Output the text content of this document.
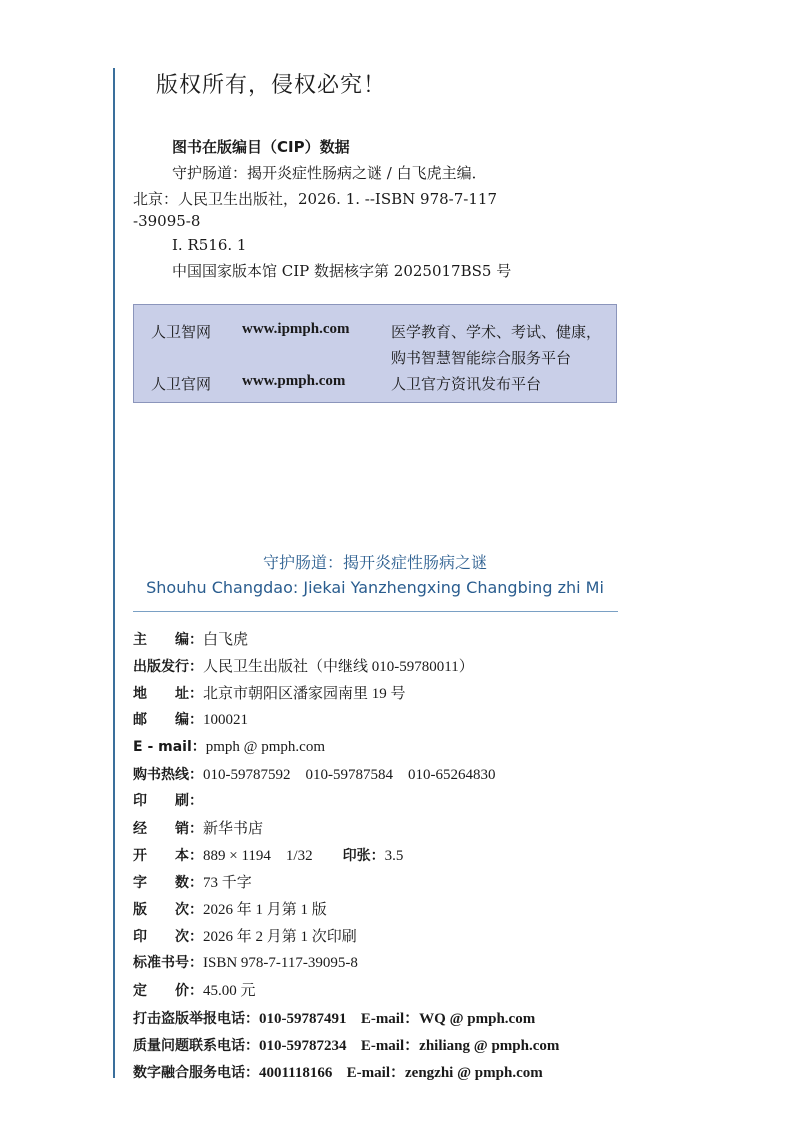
版权所有，侵权必究！
图书在版编目（CIP）数据
守护肠道：揭开炎症性肠病之谜 / 白飞虎主编．
北京：人民卫生出版社，2026. 1. --ISBN 978-7-117
-39095-8
Ⅰ. R516. 1
中国国家版本馆 CIP 数据核字第 2025017BS5 号
人卫智网 www.ipmph.com	医学教育、学术、考试、健康，
购书智慧智能综合服务平台
人卫官网 www.pmph.com	人卫官方资讯发布平台
守护肠道：揭开炎症性肠病之谜
Shouhu Changdao: Jiekai Yanzhengxing Changbing zhi Mi
主　　编：白飞虎
出版发行：人民卫生出版社（中继线 010-59780011）
地　　址：北京市朝阳区潘家园南里 19 号
邮　　编：100021
E - mail：pmph @ pmph.com
购书热线：010-59787592　010-59787584　010-65264830
印　　刷：
经　　销：新华书店
开　　本：889 × 1194　1/32　　印张：3.5
字　　数：73 千字
版　　次：2026 年 1 月第 1 版
印　　次：2026 年 2 月第 1 次印刷
标准书号：ISBN 978-7-117-39095-8
定　　价：45.00 元
打击盗版举报电话：010-59787491 E-mail：WQ @ pmph.com
质量问题联系电话：010-59787234 E-mail：zhiliang @ pmph.com
数字融合服务电话：4001118166 E-mail：zengzhi @ pmph.com
